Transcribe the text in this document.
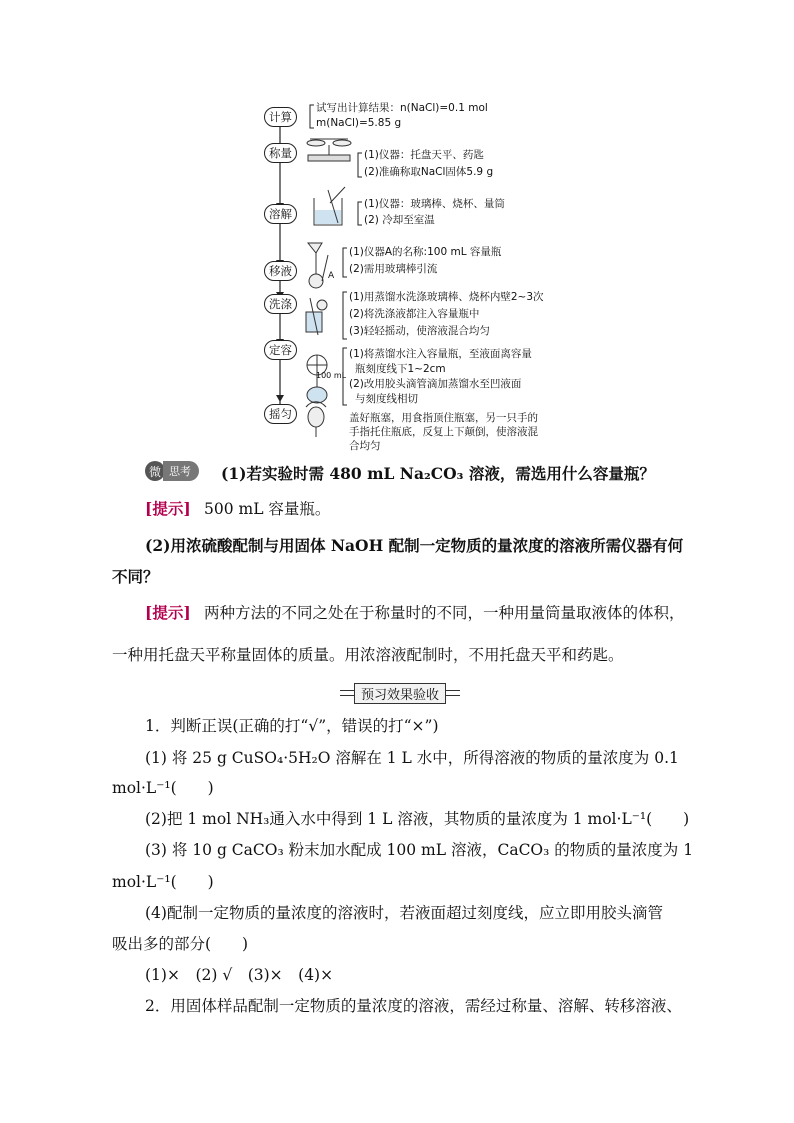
计算
称量
溶解
移液
洗涤
定容
摇匀
试写出计算结果：n(NaCl)=0.1 mol
m(NaCl)=5.85 g
(1)仪器：托盘天平、药匙
(2)准确称取NaCl固体5.9 g
(1)仪器：玻璃棒、烧杯、量筒
(2) 冷却至室温
(1)仪器A的名称:100 mL 容量瓶
(2)需用玻璃棒引流
A
(1)用蒸馏水洗涤玻璃棒、烧杯内壁2~3次
(2)将洗涤液都注入容量瓶中
(3)轻轻摇动，使溶液混合均匀
(1)将蒸馏水注入容量瓶，至液面离容量
瓶刻度线下1~2cm
(2)改用胶头滴管滴加蒸馏水至凹液面
与刻度线相切
100 mL
盖好瓶塞，用食指顶住瓶塞，另一只手的
手指托住瓶底，反复上下颠倒，使溶液混
合均匀
微 思考	(1)若实验时需 480 mL Na₂CO₃ 溶液，需选用什么容量瓶？
[提示] 500 mL 容量瓶。
(2)用浓硫酸配制与用固体 NaOH 配制一定物质的量浓度的溶液所需仪器有何
不同？
[提示] 两种方法的不同之处在于称量时的不同，一种用量筒量取液体的体积，
一种用托盘天平称量固体的质量。用浓溶液配制时，不用托盘天平和药匙。
预习效果验收
1．判断正误(正确的打“√”，错误的打“×”)
(1) 将 25 g CuSO₄·5H₂O 溶解在 1 L 水中，所得溶液的物质的量浓度为 0.1
mol·L⁻¹(　　)
(2)把 1 mol NH₃通入水中得到 1 L 溶液，其物质的量浓度为 1 mol·L⁻¹(　　)
(3) 将 10 g CaCO₃ 粉末加水配成 100 mL 溶液，CaCO₃ 的物质的量浓度为 1
mol·L⁻¹(　　)
(4)配制一定物质的量浓度的溶液时，若液面超过刻度线，应立即用胶头滴管
吸出多的部分(　　)
(1)×　(2) √　(3)×　(4)×
2．用固体样品配制一定物质的量浓度的溶液，需经过称量、溶解、转移溶液、
